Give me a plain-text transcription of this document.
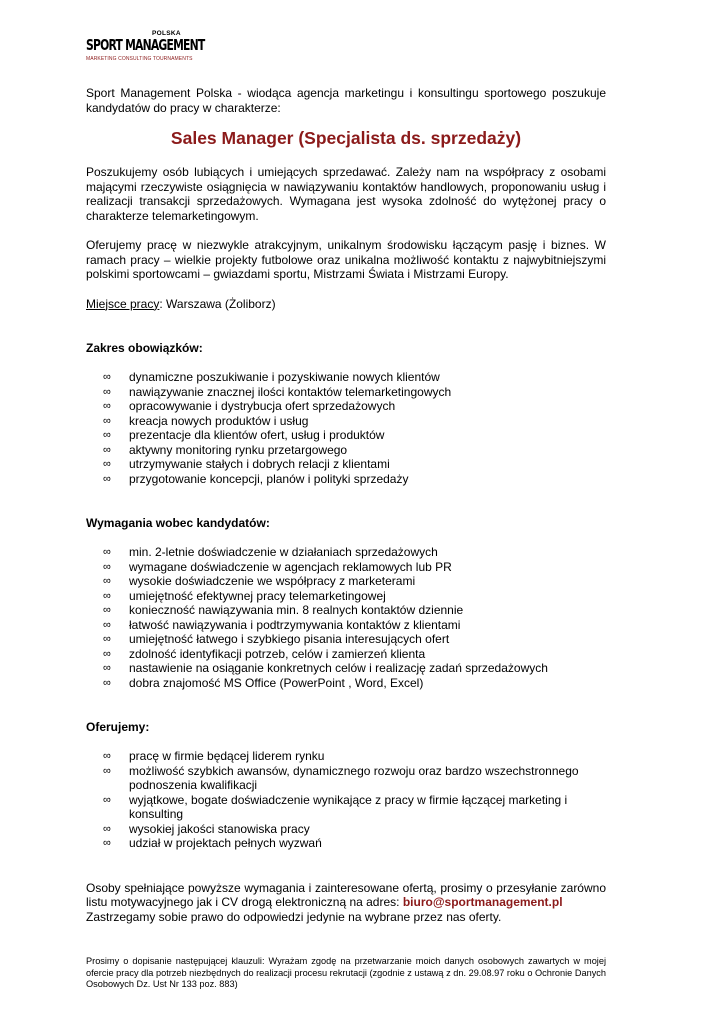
POLSKA
SPORT MANAGEMENT
MARKETING CONSULTING TOURNAMENTS

Sport Management Polska - wiodąca agencja marketingu i konsultingu sportowego poszukuje kandydatów do pracy w charakterze:

Sales Manager (Specjalista ds. sprzedaży)

Poszukujemy osób lubiących i umiejących sprzedawać. Zależy nam na współpracy z osobami mającymi rzeczywiste osiągnięcia w nawiązywaniu kontaktów handlowych, proponowaniu usług i realizacji transakcji sprzedażowych. Wymagana jest wysoka zdolność do wytężonej pracy o charakterze telemarketingowym.

Oferujemy pracę w niezwykle atrakcyjnym, unikalnym środowisku łączącym pasję i biznes. W ramach pracy – wielkie projekty futbolowe oraz unikalna możliwość kontaktu z najwybitniejszymi polskimi sportowcami – gwiazdami sportu, Mistrzami Świata i Mistrzami Europy.

Miejsce pracy: Warszawa (Żoliborz)

Zakres obowiązków:
∞ dynamiczne poszukiwanie i pozyskiwanie nowych klientów
∞ nawiązywanie znacznej ilości kontaktów telemarketingowych
∞ opracowywanie i dystrybucja ofert sprzedażowych
∞ kreacja nowych produktów i usług
∞ prezentacje dla klientów ofert, usług i produktów
∞ aktywny monitoring rynku przetargowego
∞ utrzymywanie stałych i dobrych relacji z klientami
∞ przygotowanie koncepcji, planów i polityki sprzedaży
Wymagania wobec kandydatów:
∞ min. 2-letnie doświadczenie w działaniach sprzedażowych
∞ wymagane doświadczenie w agencjach reklamowych lub PR
∞ wysokie doświadczenie we współpracy z marketerami
∞ umiejętność efektywnej pracy telemarketingowej
∞ konieczność nawiązywania min. 8 realnych kontaktów dziennie
∞ łatwość nawiązywania i podtrzymywania kontaktów z klientami
∞ umiejętność łatwego i szybkiego pisania interesujących ofert
∞ zdolność identyfikacji potrzeb, celów i zamierzeń klienta
∞ nastawienie na osiąganie konkretnych celów i realizację zadań sprzedażowych
∞ dobra znajomość MS Office (PowerPoint , Word, Excel)
Oferujemy:
∞ pracę w firmie będącej liderem rynku
∞ możliwość szybkich awansów, dynamicznego rozwoju oraz bardzo wszechstronnego podnoszenia kwalifikacji
∞ wyjątkowe, bogate doświadczenie wynikające z pracy w firmie łączącej marketing i konsulting
∞ wysokiej jakości stanowiska pracy
∞ udział w projektach pełnych wyzwań

Osoby spełniające powyższe wymagania i zainteresowane ofertą, prosimy o przesyłanie zarówno listu motywacyjnego jak i CV drogą elektroniczną na adres: biuro@sportmanagement.pl
Zastrzegamy sobie prawo do odpowiedzi jedynie na wybrane przez nas oferty.

Prosimy o dopisanie następującej klauzuli: Wyrażam zgodę na przetwarzanie moich danych osobowych zawartych w mojej ofercie pracy dla potrzeb niezbędnych do realizacji procesu rekrutacji (zgodnie z ustawą z dn. 29.08.97 roku o Ochronie Danych Osobowych Dz. Ust Nr 133 poz. 883)
